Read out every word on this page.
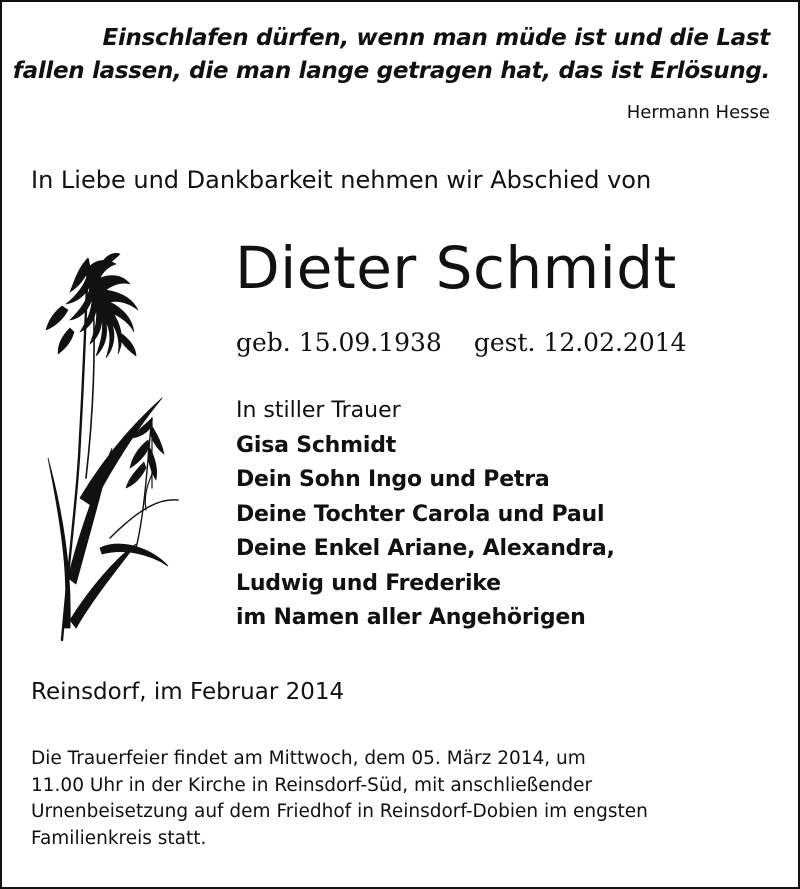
Einschlafen dürfen, wenn man müde ist und die Last
fallen lassen, die man lange getragen hat, das ist Erlösung.
Hermann Hesse
In Liebe und Dankbarkeit nehmen wir Abschied von
Dieter Schmidt
geb. 15.09.1938 gest. 12.02.2014
In stiller Trauer
Gisa Schmidt
Dein Sohn Ingo und Petra
Deine Tochter Carola und Paul
Deine Enkel Ariane, Alexandra,
Ludwig und Frederike
im Namen aller Angehörigen
Reinsdorf, im Februar 2014
Die Trauerfeier findet am Mittwoch, dem 05. März 2014, um
11.00 Uhr in der Kirche in Reinsdorf-Süd, mit anschließender
Urnenbeisetzung auf dem Friedhof in Reinsdorf-Dobien im engsten
Familienkreis statt.
